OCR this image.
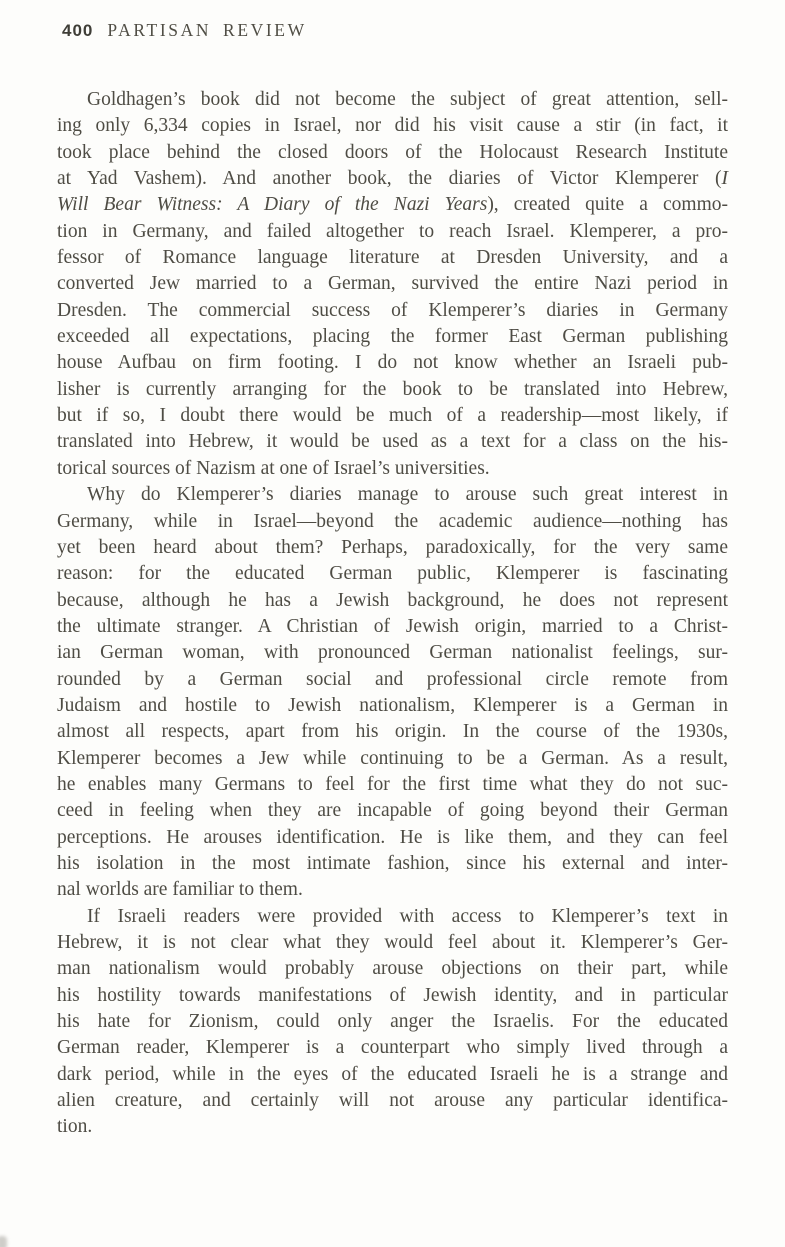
400 PARTISAN REVIEW
Goldhagen’s book did not become the subject of great attention, sell-
ing only 6,334 copies in Israel, nor did his visit cause a stir (in fact, it
took place behind the closed doors of the Holocaust Research Institute
at Yad Vashem). And another book, the diaries of Victor Klemperer (I
Will Bear Witness: A Diary of the Nazi Years), created quite a commo-
tion in Germany, and failed altogether to reach Israel. Klemperer, a pro-
fessor of Romance language literature at Dresden University, and a
converted Jew married to a German, survived the entire Nazi period in
Dresden. The commercial success of Klemperer’s diaries in Germany
exceeded all expectations, placing the former East German publishing
house Aufbau on firm footing. I do not know whether an Israeli pub-
lisher is currently arranging for the book to be translated into Hebrew,
but if so, I doubt there would be much of a readership—most likely, if
translated into Hebrew, it would be used as a text for a class on the his-
torical sources of Nazism at one of Israel’s universities.
Why do Klemperer’s diaries manage to arouse such great interest in
Germany, while in Israel—beyond the academic audience—nothing has
yet been heard about them? Perhaps, paradoxically, for the very same
reason: for the educated German public, Klemperer is fascinating
because, although he has a Jewish background, he does not represent
the ultimate stranger. A Christian of Jewish origin, married to a Christ-
ian German woman, with pronounced German nationalist feelings, sur-
rounded by a German social and professional circle remote from
Judaism and hostile to Jewish nationalism, Klemperer is a German in
almost all respects, apart from his origin. In the course of the 1930s,
Klemperer becomes a Jew while continuing to be a German. As a result,
he enables many Germans to feel for the first time what they do not suc-
ceed in feeling when they are incapable of going beyond their German
perceptions. He arouses identification. He is like them, and they can feel
his isolation in the most intimate fashion, since his external and inter-
nal worlds are familiar to them.
If Israeli readers were provided with access to Klemperer’s text in
Hebrew, it is not clear what they would feel about it. Klemperer’s Ger-
man nationalism would probably arouse objections on their part, while
his hostility towards manifestations of Jewish identity, and in particular
his hate for Zionism, could only anger the Israelis. For the educated
German reader, Klemperer is a counterpart who simply lived through a
dark period, while in the eyes of the educated Israeli he is a strange and
alien creature, and certainly will not arouse any particular identifica-
tion.
